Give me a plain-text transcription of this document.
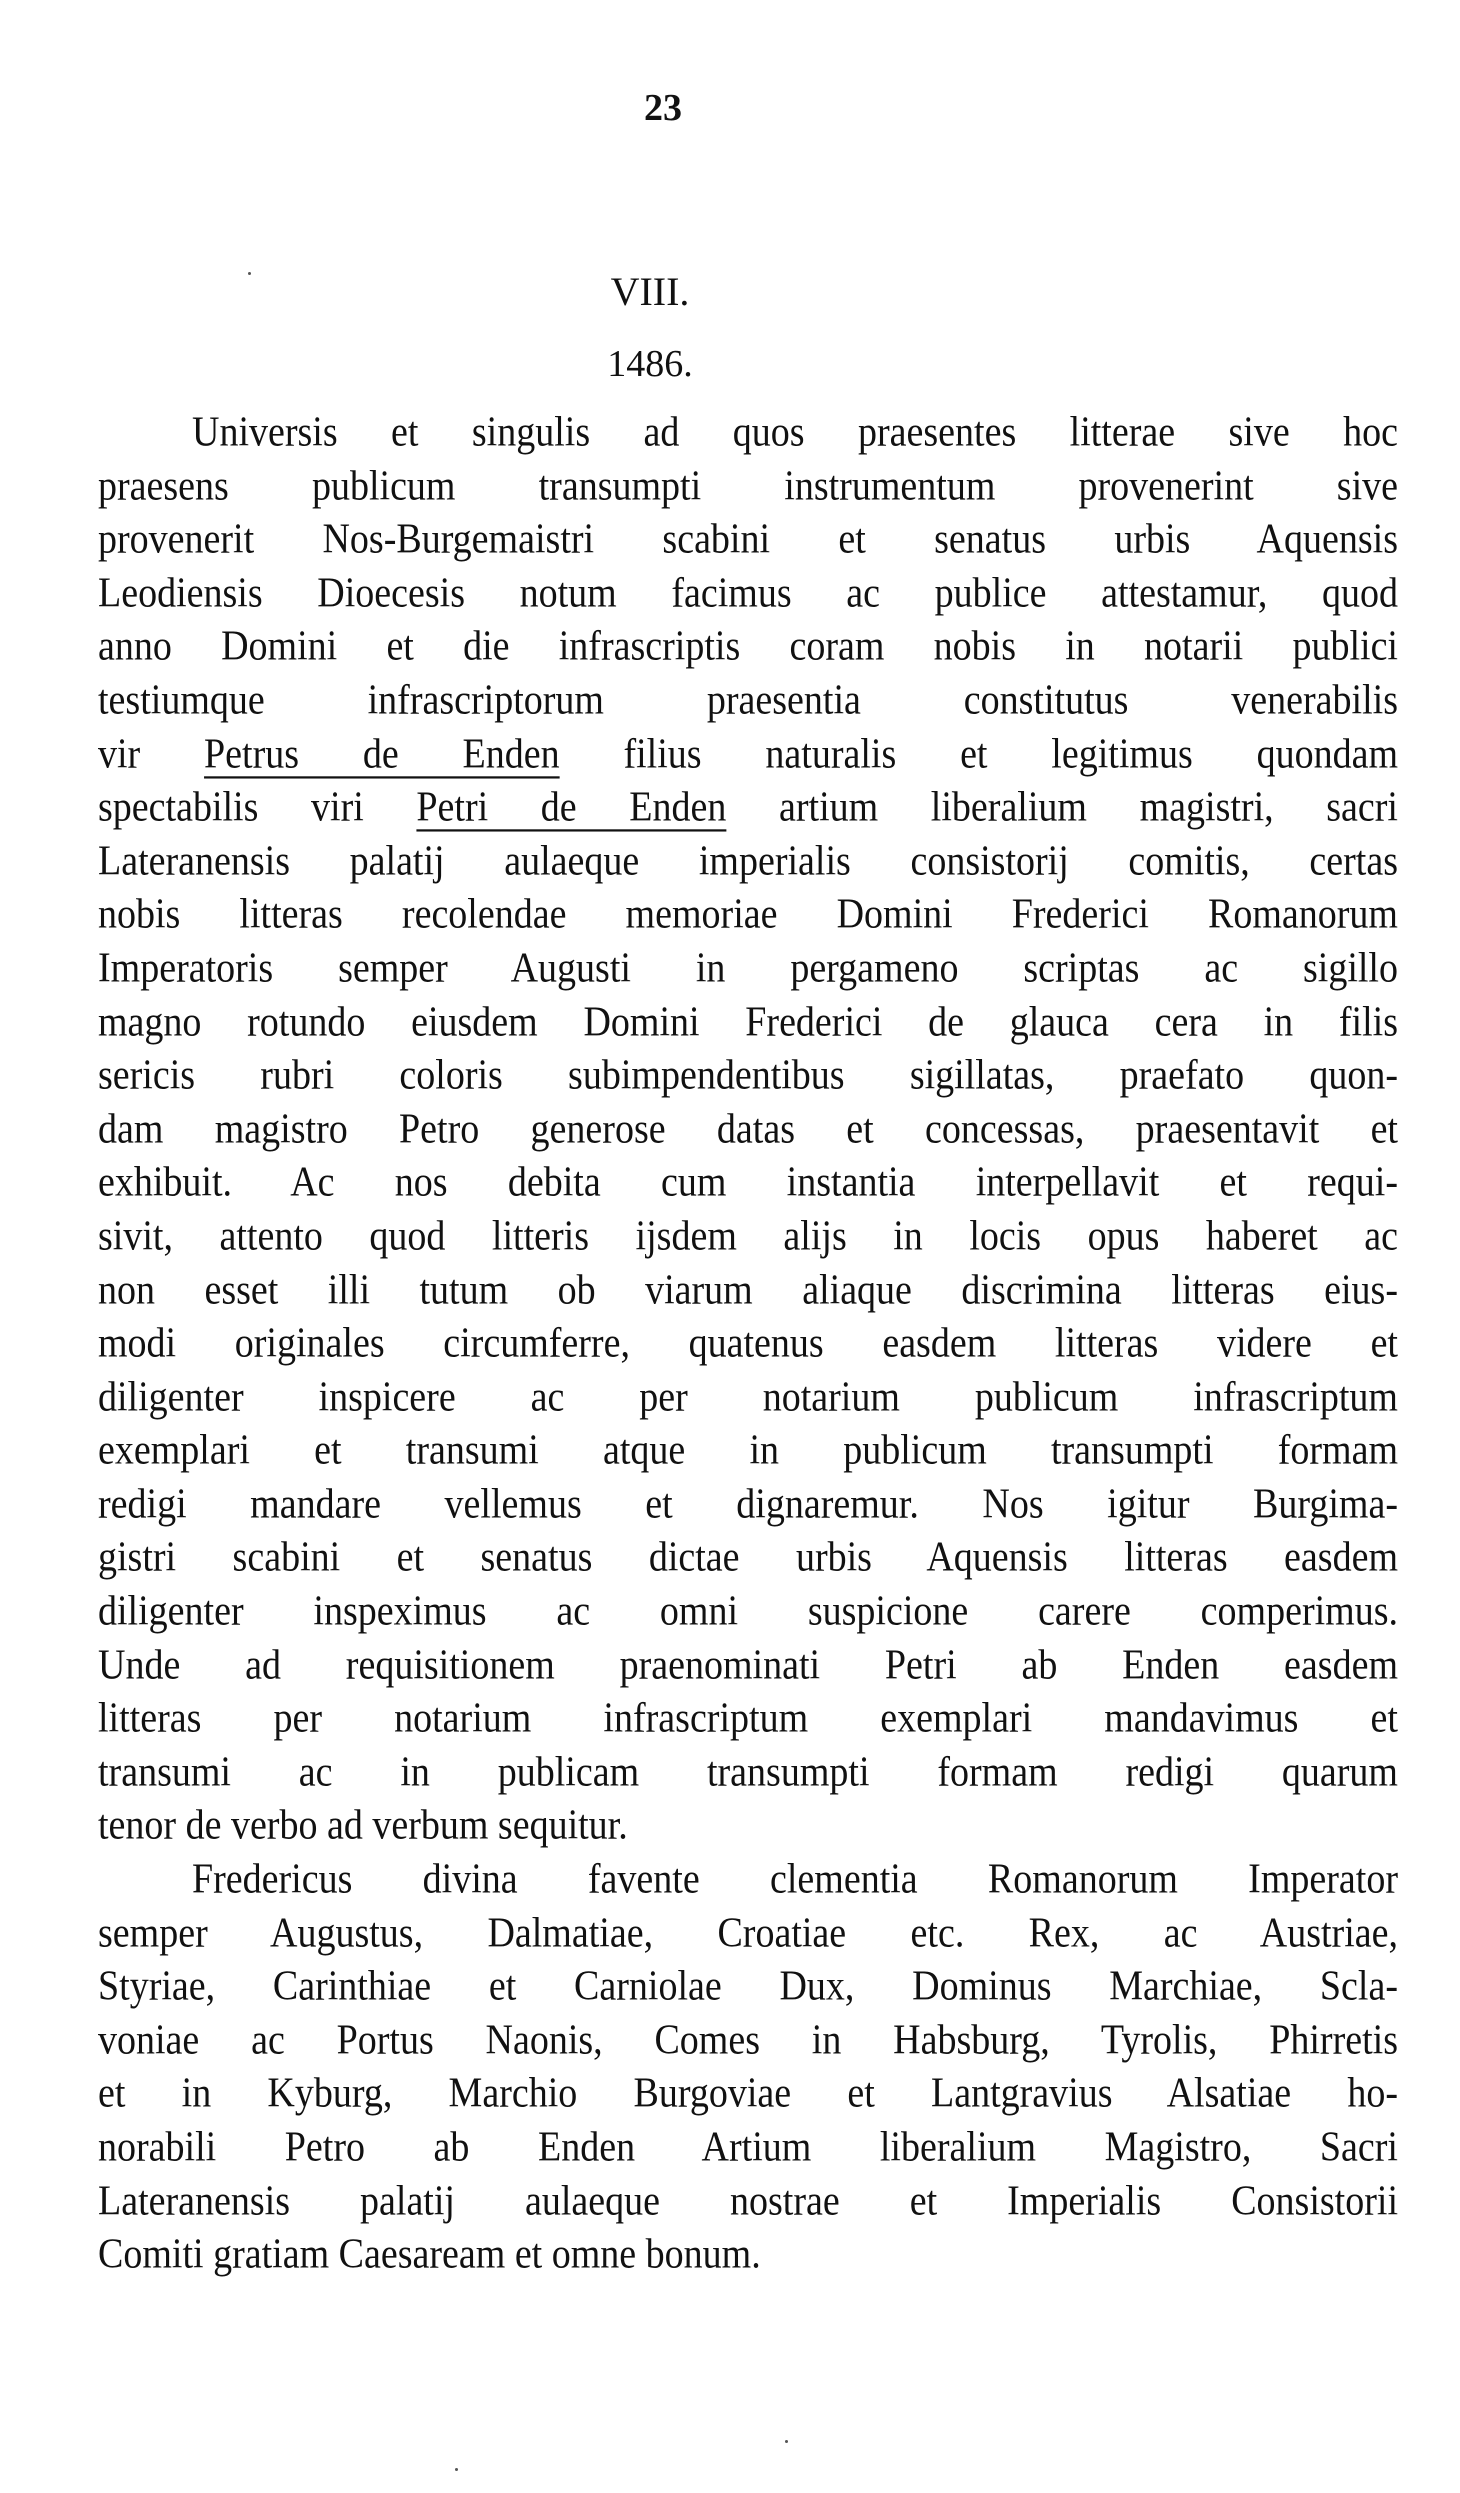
23
VIII.
1486.
Universis et singulis ad quos praesentes litterae sive hoc
praesens publicum transumpti instrumentum provenerint sive
provenerit Nos-Burgemaistri scabini et senatus urbis Aquensis
Leodiensis Dioecesis notum facimus ac publice attestamur, quod
anno Domini et die infrascriptis coram nobis in notarii publici
testiumque infrascriptorum praesentia constitutus venerabilis
vir Petrus de Enden filius naturalis et legitimus quondam
spectabilis viri Petri de Enden artium liberalium magistri, sacri
Lateranensis palatij aulaeque imperialis consistorij comitis, certas
nobis litteras recolendae memoriae Domini Frederici Romanorum
Imperatoris semper Augusti in pergameno scriptas ac sigillo
magno rotundo eiusdem Domini Frederici de glauca cera in filis
sericis rubri coloris subimpendentibus sigillatas, praefato quon-
dam magistro Petro generose datas et concessas, praesentavit et
exhibuit. Ac nos debita cum instantia interpellavit et requi-
sivit, attento quod litteris ijsdem alijs in locis opus haberet ac
non esset illi tutum ob viarum aliaque discrimina litteras eius-
modi originales circumferre, quatenus easdem litteras videre et
diligenter inspicere ac per notarium publicum infrascriptum
exemplari et transumi atque in publicum transumpti formam
redigi mandare vellemus et dignaremur. Nos igitur Burgima-
gistri scabini et senatus dictae urbis Aquensis litteras easdem
diligenter inspeximus ac omni suspicione carere comperimus.
Unde ad requisitionem praenominati Petri ab Enden easdem
litteras per notarium infrascriptum exemplari mandavimus et
transumi ac in publicam transumpti formam redigi quarum
tenor de verbo ad verbum sequitur.
Fredericus divina favente clementia Romanorum Imperator
semper Augustus, Dalmatiae, Croatiae etc. Rex, ac Austriae,
Styriae, Carinthiae et Carniolae Dux, Dominus Marchiae, Scla-
voniae ac Portus Naonis, Comes in Habsburg, Tyrolis, Phirretis
et in Kyburg, Marchio Burgoviae et Lantgravius Alsatiae ho-
norabili Petro ab Enden Artium liberalium Magistro, Sacri
Lateranensis palatij aulaeque nostrae et Imperialis Consistorii
Comiti gratiam Caesaream et omne bonum.
